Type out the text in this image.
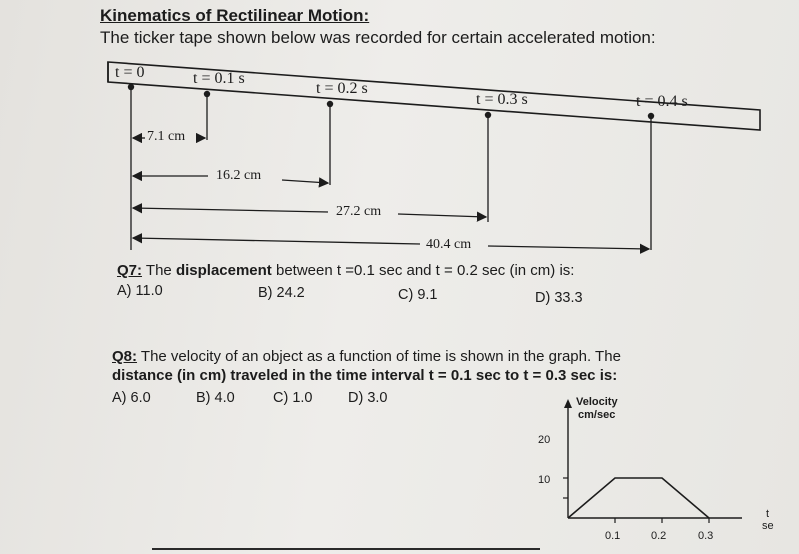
Kinematics of Rectilinear Motion:
The ticker tape shown below was recorded for certain accelerated motion:
t = 0	t = 0.1 s
t = 0.2 s
t = 0.3 s	t = 0.4 s
7.1 cm
16.2 cm
27.2 cm
40.4 cm
Q7: The displacement between t =0.1 sec and t = 0.2 sec (in cm) is:
A) 11.0	B) 24.2	C) 9.1	D) 33.3
Q8: The velocity of an object as a function of time is shown in the graph. The
distance (in cm) traveled in the time interval t = 0.1 sec to t = 0.3 sec is:
A) 6.0	B) 4.0	C) 1.0 D) 3.0	Velocity
cm/sec
t
se
20
10
0.1	0.2	0.3
